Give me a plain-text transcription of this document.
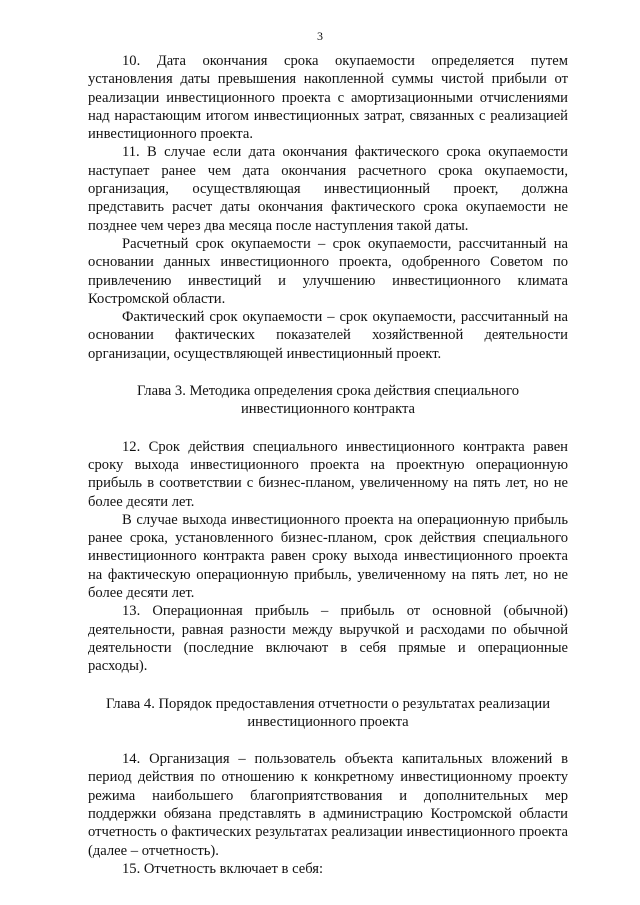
3

10. Дата окончания срока окупаемости определяется путем установления даты превышения накопленной суммы чистой прибыли от реализации инвестиционного проекта с амортизационными отчислениями над нарастающим итогом инвестиционных затрат, связанных с реализацией инвестиционного проекта.

11. В случае если дата окончания фактического срока окупаемости наступает ранее чем дата окончания расчетного срока окупаемости, организация, осуществляющая инвестиционный проект, должна представить расчет даты окончания фактического срока окупаемости не позднее чем через два месяца после наступления такой даты.

Расчетный срок окупаемости – срок окупаемости, рассчитанный на основании данных инвестиционного проекта, одобренного Советом по привлечению инвестиций и улучшению инвестиционного климата Костромской области.

Фактический срок окупаемости – срок окупаемости, рассчитанный на основании фактических показателей хозяйственной деятельности организации, осуществляющей инвестиционный проект.

Глава 3. Методика определения срока действия специального
инвестиционного контракта

12. Срок действия специального инвестиционного контракта равен сроку выхода инвестиционного проекта на проектную операционную прибыль в соответствии с бизнес-планом, увеличенному на пять лет, но не более десяти лет.

В случае выхода инвестиционного проекта на операционную прибыль ранее срока, установленного бизнес-планом, срок действия специального инвестиционного контракта равен сроку выхода инвестиционного проекта на фактическую операционную прибыль, увеличенному на пять лет, но не более десяти лет.

13. Операционная прибыль – прибыль от основной (обычной) деятельности, равная разности между выручкой и расходами по обычной деятельности (последние включают в себя прямые и операционные расходы).

Глава 4. Порядок предоставления отчетности о результатах реализации
инвестиционного проекта

14. Организация – пользователь объекта капитальных вложений в период действия по отношению к конкретному инвестиционному проекту режима наибольшего благоприятствования и дополнительных мер поддержки обязана представлять в администрацию Костромской области отчетность о фактических результатах реализации инвестиционного проекта (далее – отчетность).

15. Отчетность включает в себя:
